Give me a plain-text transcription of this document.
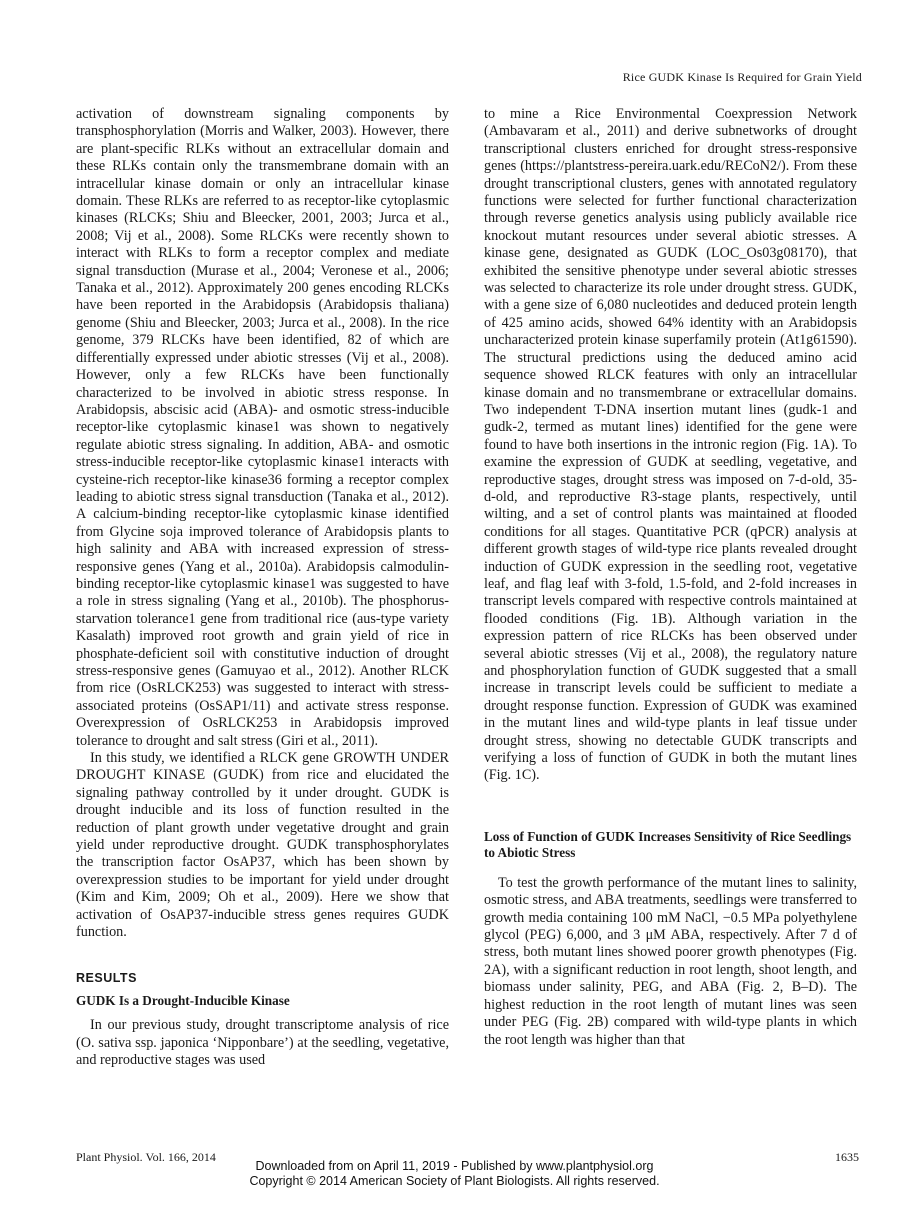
Rice GUDK Kinase Is Required for Grain Yield

activation of downstream signaling components by transphosphorylation (Morris and Walker, 2003). However, there are plant-specific RLKs without an extracellular domain and these RLKs contain only the transmembrane domain with an intracellular kinase domain or only an intracellular kinase domain. These RLKs are referred to as receptor-like cytoplasmic kinases (RLCKs; Shiu and Bleecker, 2001, 2003; Jurca et al., 2008; Vij et al., 2008). Some RLCKs were recently shown to interact with RLKs to form a receptor complex and mediate signal transduction (Murase et al., 2004; Veronese et al., 2006; Tanaka et al., 2012). Approximately 200 genes encoding RLCKs have been reported in the Arabidopsis (Arabidopsis thaliana) genome (Shiu and Bleecker, 2003; Jurca et al., 2008). In the rice genome, 379 RLCKs have been identified, 82 of which are differentially expressed under abiotic stresses (Vij et al., 2008). However, only a few RLCKs have been functionally characterized to be involved in abiotic stress response. In Arabidopsis, abscisic acid (ABA)- and osmotic stress-inducible receptor-like cytoplasmic kinase1 was shown to negatively regulate abiotic stress signaling. In addition, ABA- and osmotic stress-inducible receptor-like cytoplasmic kinase1 interacts with cysteine-rich receptor-like kinase36 forming a receptor complex leading to abiotic stress signal transduction (Tanaka et al., 2012). A calcium-binding receptor-like cytoplasmic kinase identified from Glycine soja improved tolerance of Arabidopsis plants to high salinity and ABA with increased expression of stress-responsive genes (Yang et al., 2010a). Arabidopsis calmodulin-binding receptor-like cytoplasmic kinase1 was suggested to have a role in stress signaling (Yang et al., 2010b). The phosphorus-starvation tolerance1 gene from traditional rice (aus-type variety Kasalath) improved root growth and grain yield of rice in phosphate-deficient soil with constitutive induction of drought stress-responsive genes (Gamuyao et al., 2012). Another RLCK from rice (OsRLCK253) was suggested to interact with stress-associated proteins (OsSAP1/11) and activate stress response. Overexpression of OsRLCK253 in Arabidopsis improved tolerance to drought and salt stress (Giri et al., 2011).

In this study, we identified a RLCK gene GROWTH UNDER DROUGHT KINASE (GUDK) from rice and elucidated the signaling pathway controlled by it under drought. GUDK is drought inducible and its loss of function resulted in the reduction of plant growth under vegetative drought and grain yield under reproductive drought. GUDK transphosphorylates the transcription factor OsAP37, which has been shown by overexpression studies to be important for yield under drought (Kim and Kim, 2009; Oh et al., 2009). Here we show that activation of OsAP37-inducible stress genes requires GUDK function.

RESULTS

GUDK Is a Drought-Inducible Kinase

In our previous study, drought transcriptome analysis of rice (O. sativa ssp. japonica ‘Nipponbare’) at the seedling, vegetative, and reproductive stages was used

to mine a Rice Environmental Coexpression Network (Ambavaram et al., 2011) and derive subnetworks of drought transcriptional clusters enriched for drought stress-responsive genes (https://plantstress-pereira.uark.edu/RECoN2/). From these drought transcriptional clusters, genes with annotated regulatory functions were selected for further functional characterization through reverse genetics analysis using publicly available rice knockout mutant resources under several abiotic stresses. A kinase gene, designated as GUDK (LOC_Os03g08170), that exhibited the sensitive phenotype under several abiotic stresses was selected to characterize its role under drought stress. GUDK, with a gene size of 6,080 nucleotides and deduced protein length of 425 amino acids, showed 64% identity with an Arabidopsis uncharacterized protein kinase superfamily protein (At1g61590). The structural predictions using the deduced amino acid sequence showed RLCK features with only an intracellular kinase domain and no transmembrane or extracellular domains. Two independent T-DNA insertion mutant lines (gudk-1 and gudk-2, termed as mutant lines) identified for the gene were found to have both insertions in the intronic region (Fig. 1A). To examine the expression of GUDK at seedling, vegetative, and reproductive stages, drought stress was imposed on 7-d-old, 35-d-old, and reproductive R3-stage plants, respectively, until wilting, and a set of control plants was maintained at flooded conditions for all stages. Quantitative PCR (qPCR) analysis at different growth stages of wild-type rice plants revealed drought induction of GUDK expression in the seedling root, vegetative leaf, and flag leaf with 3-fold, 1.5-fold, and 2-fold increases in transcript levels compared with respective controls maintained at flooded conditions (Fig. 1B). Although variation in the expression pattern of rice RLCKs has been observed under several abiotic stresses (Vij et al., 2008), the regulatory nature and phosphorylation function of GUDK suggested that a small increase in transcript levels could be sufficient to mediate a drought response function. Expression of GUDK was examined in the mutant lines and wild-type plants in leaf tissue under drought stress, showing no detectable GUDK transcripts and verifying a loss of function of GUDK in both the mutant lines (Fig. 1C).

Loss of Function of GUDK Increases Sensitivity of Rice Seedlings to Abiotic Stress

To test the growth performance of the mutant lines to salinity, osmotic stress, and ABA treatments, seedlings were transferred to growth media containing 100 mM NaCl, −0.5 MPa polyethylene glycol (PEG) 6,000, and 3 μM ABA, respectively. After 7 d of stress, both mutant lines showed poorer growth phenotypes (Fig. 2A), with a significant reduction in root length, shoot length, and biomass under salinity, PEG, and ABA (Fig. 2, B–D). The highest reduction in the root length of mutant lines was seen under PEG (Fig. 2B) compared with wild-type plants in which the root length was higher than that

Plant Physiol. Vol. 166, 2014	1635
Downloaded from on April 11, 2019 - Published by www.plantphysiol.org
Copyright © 2014 American Society of Plant Biologists. All rights reserved.
